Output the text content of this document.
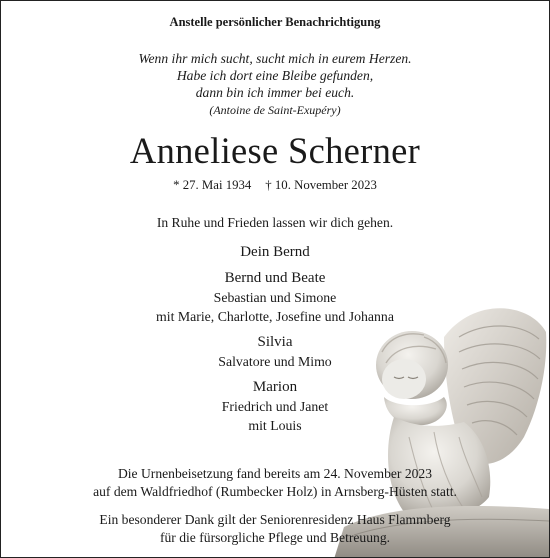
Anstelle persönlicher Benachrichtigung
Wenn ihr mich sucht, sucht mich in eurem Herzen.
Habe ich dort eine Bleibe gefunden,
dann bin ich immer bei euch.
(Antoine de Saint-Exupéry)
Anneliese Scherner
* 27. Mai 1934 † 10. November 2023
In Ruhe und Frieden lassen wir dich gehen.
Dein Bernd
Bernd und Beate
Sebastian und Simone
mit Marie, Charlotte, Josefine und Johanna
Silvia
Salvatore und Mimo
Marion
Friedrich und Janet
mit Louis
Die Urnenbeisetzung fand bereits am 24. November 2023
auf dem Waldfriedhof (Rumbecker Holz) in Arnsberg-Hüsten statt.
Ein besonderer Dank gilt der Seniorenresidenz Haus Flammberg
für die fürsorgliche Pflege und Betreuung.
